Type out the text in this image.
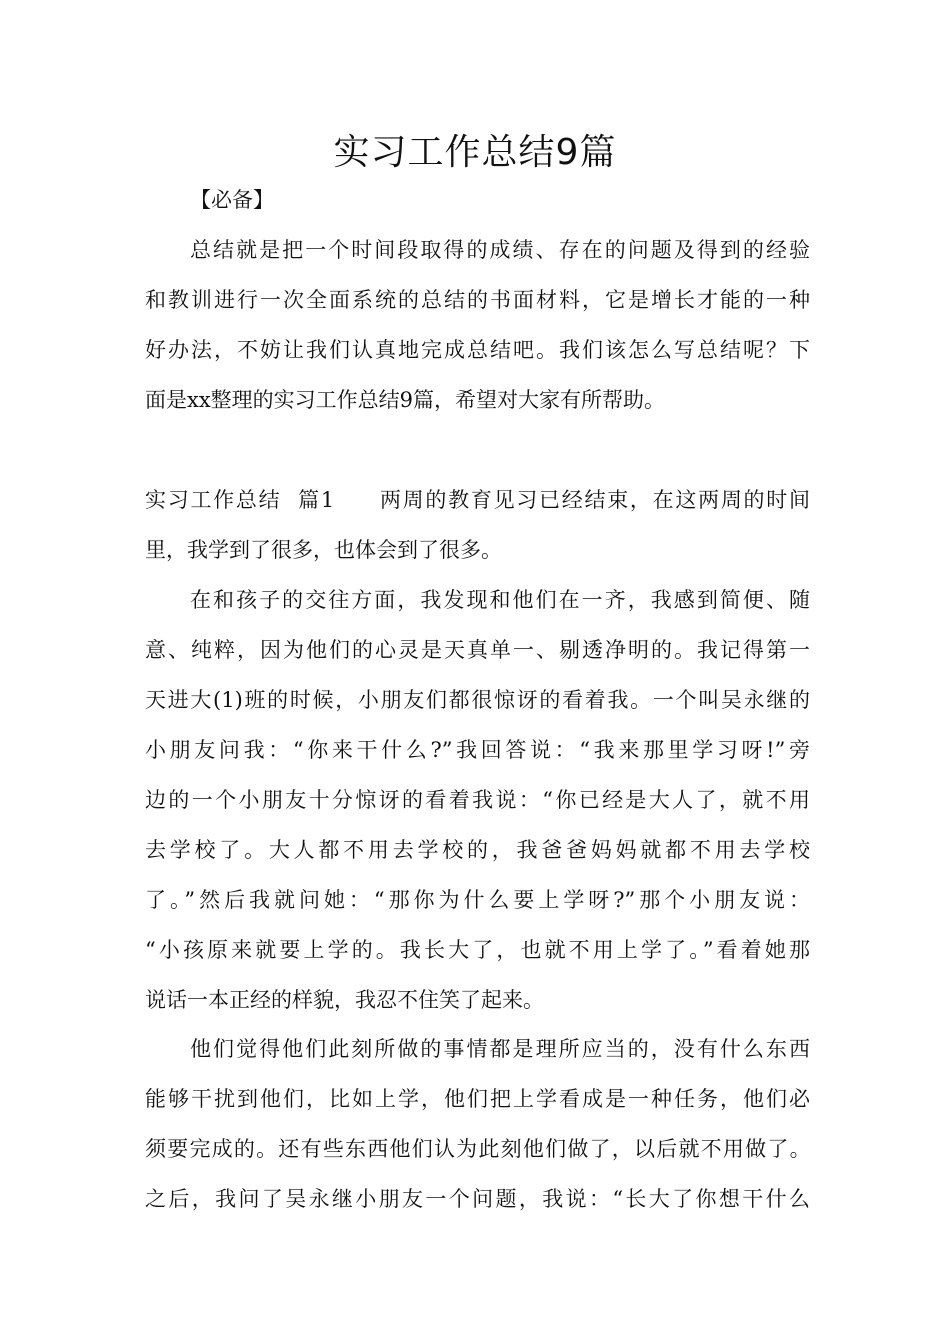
实习工作总结9篇
【必备】
总结就是把一个时间段取得的成绩、存在的问题及得到的经验
和教训进行一次全面系统的总结的书面材料，它是增长才能的一种
好办法，不妨让我们认真地完成总结吧。我们该怎么写总结呢？下
面是xx整理的实习工作总结9篇，希望对大家有所帮助。
实习工作总结  篇1 两周的教育见习已经结束，在这两周的时间
里，我学到了很多，也体会到了很多。
在和孩子的交往方面，我发现和他们在一齐，我感到简便、随
意、纯粹，因为他们的心灵是天真单一、剔透净明的。我记得第一
天进大(1)班的时候，小朋友们都很惊讶的看着我。一个叫吴永继的
小朋友问我：“你来干什么?”我回答说：“我来那里学习呀!”旁
边的一个小朋友十分惊讶的看着我说：“你已经是大人了，就不用
去学校了。大人都不用去学校的，我爸爸妈妈就都不用去学校
了。”然后我就问她：“那你为什么要上学呀?”那个小朋友说：
“小孩原来就要上学的。我长大了，也就不用上学了。”看着她那
说话一本正经的样貌，我忍不住笑了起来。
他们觉得他们此刻所做的事情都是理所应当的，没有什么东西
能够干扰到他们，比如上学，他们把上学看成是一种任务，他们必
须要完成的。还有些东西他们认为此刻他们做了，以后就不用做了。
之后，我问了吴永继小朋友一个问题，我说：“长大了你想干什么
